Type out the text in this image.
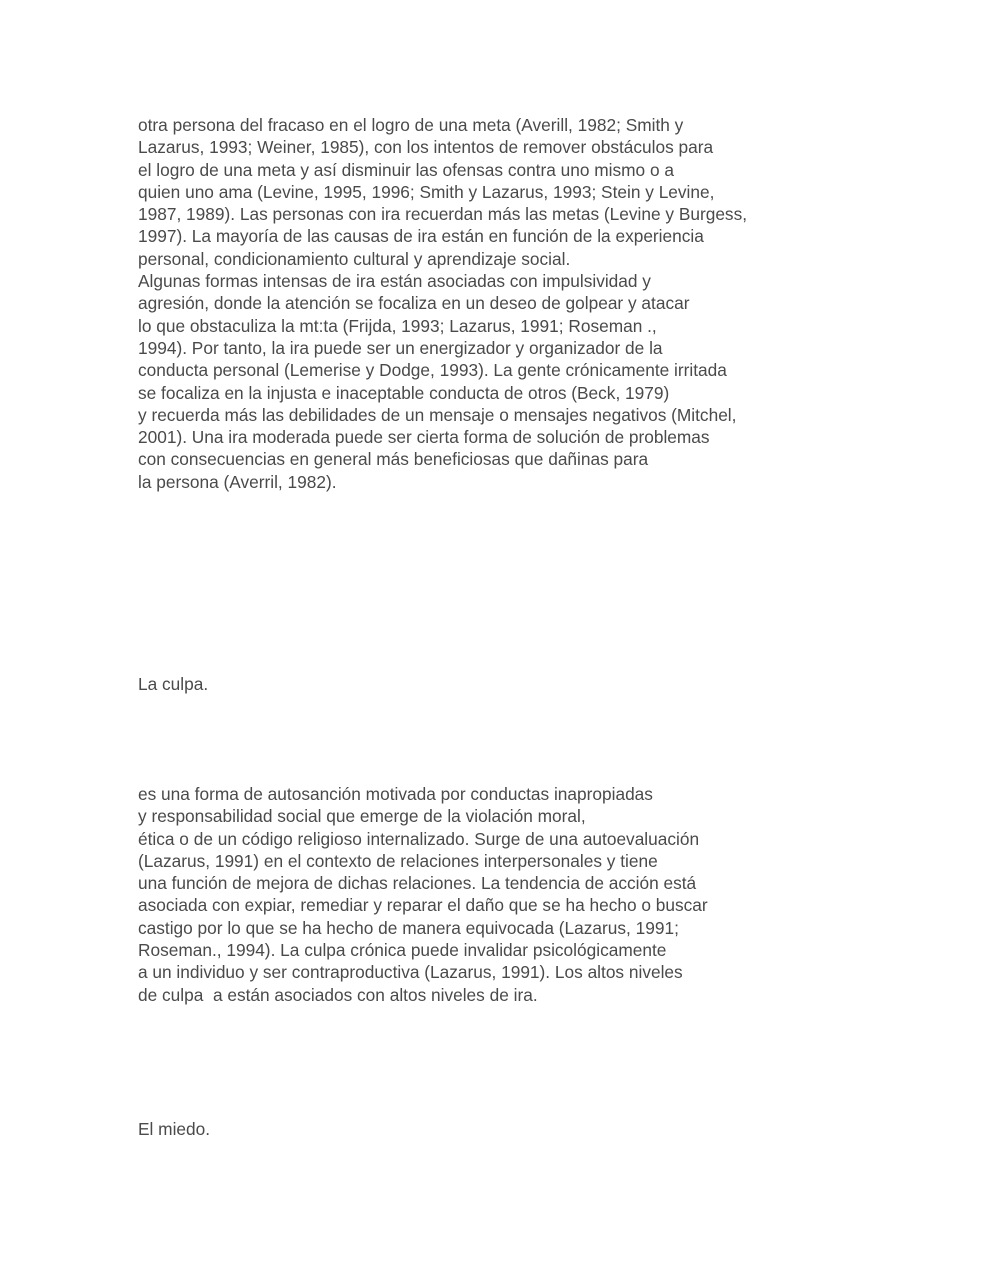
otra persona del fracaso en el logro de una meta (Averill, 1982; Smith y
Lazarus, 1993; Weiner, 1985), con los intentos de remover obstáculos para
el logro de una meta y así disminuir las ofensas contra uno mismo o a
quien uno ama (Levine, 1995, 1996; Smith y Lazarus, 1993; Stein y Levine,
1987, 1989). Las personas con ira recuerdan más las metas (Levine y Burgess,
1997). La mayoría de las causas de ira están en función de la experiencia
personal, condicionamiento cultural y aprendizaje social.
Algunas formas intensas de ira están asociadas con impulsividad y
agresión, donde la atención se focaliza en un deseo de golpear y atacar
lo que obstaculiza la mt:ta (Frijda, 1993; Lazarus, 1991; Roseman .,
1994). Por tanto, la ira puede ser un energizador y organizador de la
conducta personal (Lemerise y Dodge, 1993). La gente crónicamente irritada
se focaliza en la injusta e inaceptable conducta de otros (Beck, 1979)
y recuerda más las debilidades de un mensaje o mensajes negativos (Mitchel,
2001). Una ira moderada puede ser cierta forma de solución de problemas
con consecuencias en general más beneficiosas que dañinas para
la persona (Averril, 1982).
La culpa.
es una forma de autosanción motivada por conductas inapropiadas
y responsabilidad social que emerge de la violación moral,
ética o de un código religioso internalizado. Surge de una autoevaluación
(Lazarus, 1991) en el contexto de relaciones interpersonales y tiene
una función de mejora de dichas relaciones. La tendencia de acción está
asociada con expiar, remediar y reparar el daño que se ha hecho o buscar
castigo por lo que se ha hecho de manera equivocada (Lazarus, 1991;
Roseman., 1994). La culpa crónica puede invalidar psicológicamente
a un individuo y ser contraproductiva (Lazarus, 1991). Los altos niveles
de culpa  a están asociados con altos niveles de ira.
El miedo.
